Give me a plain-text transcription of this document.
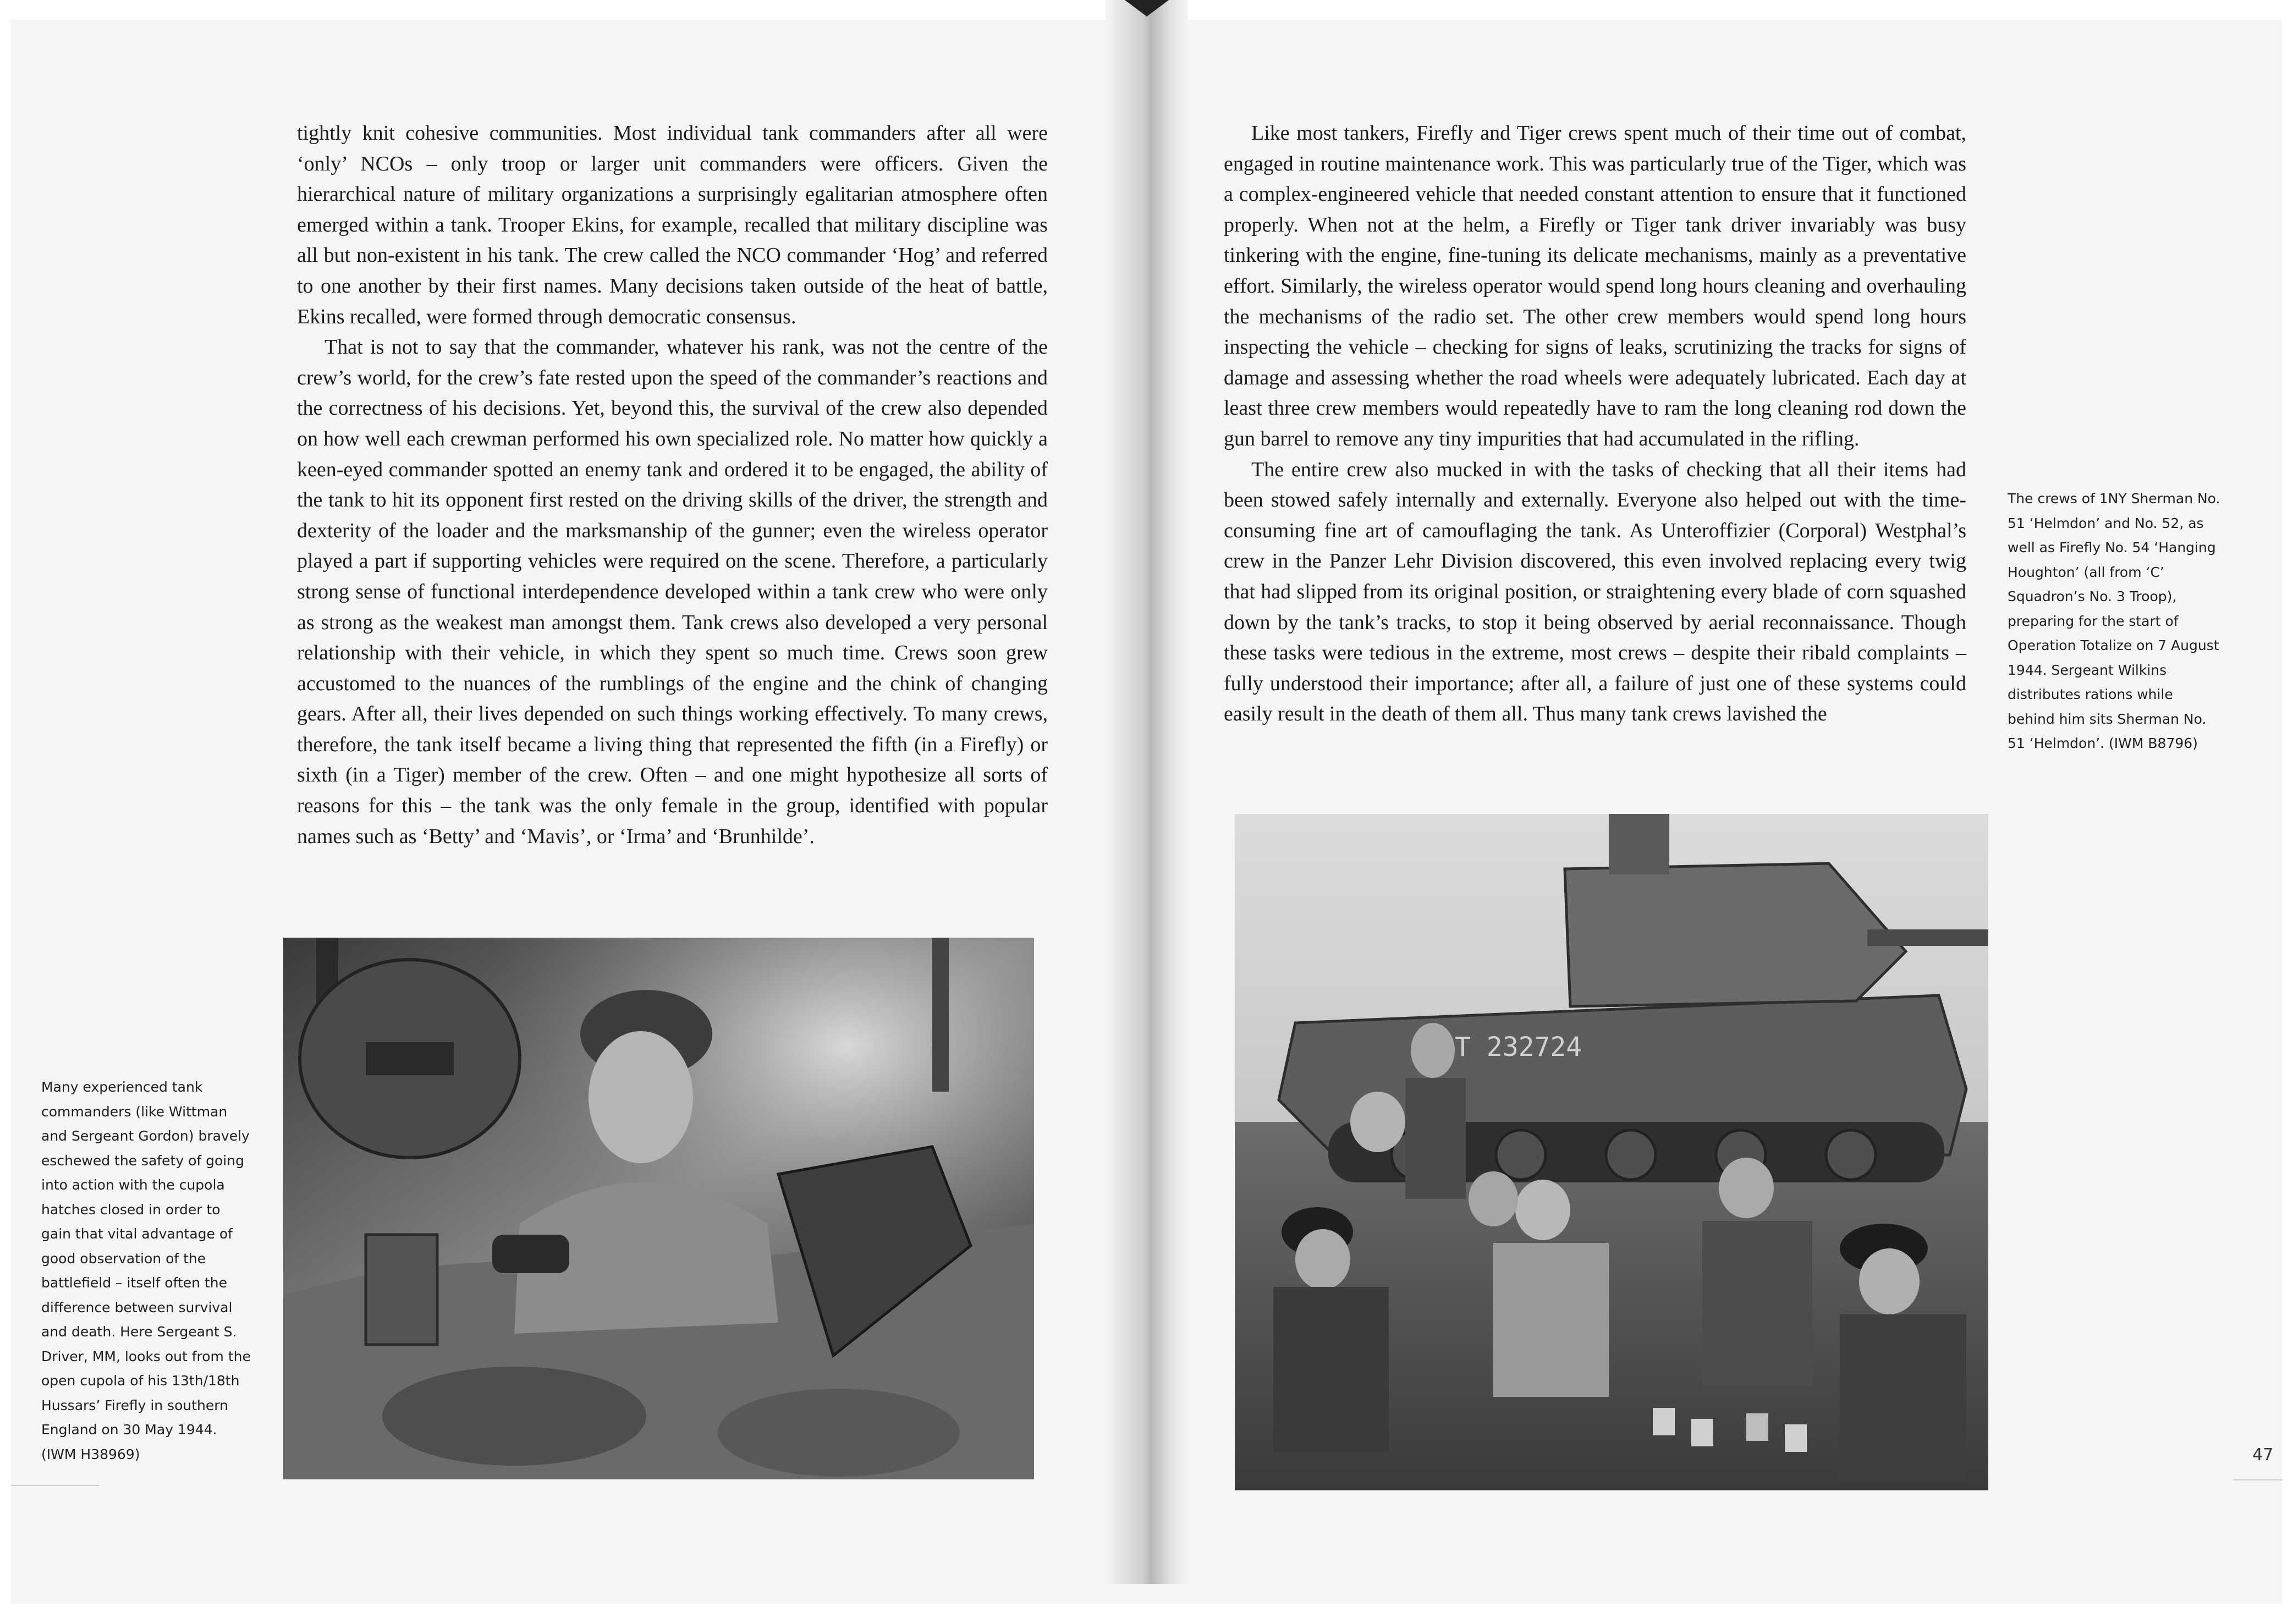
tightly knit cohesive communities. Most individual tank commanders after all were ‘only’ NCOs – only troop or larger unit commanders were officers. Given the hierarchical nature of military organizations a surprisingly egalitarian atmosphere often emerged within a tank. Trooper Ekins, for example, recalled that military discipline was all but non-existent in his tank. The crew called the NCO commander ‘Hog’ and referred to one another by their first names. Many decisions taken outside of the heat of battle, Ekins recalled, were formed through democratic consensus.

That is not to say that the commander, whatever his rank, was not the centre of the crew’s world, for the crew’s fate rested upon the speed of the commander’s reactions and the correctness of his decisions. Yet, beyond this, the survival of the crew also depended on how well each crewman performed his own specialized role. No matter how quickly a keen-eyed commander spotted an enemy tank and ordered it to be engaged, the ability of the tank to hit its opponent first rested on the driving skills of the driver, the strength and dexterity of the loader and the marksmanship of the gunner; even the wireless operator played a part if supporting vehicles were required on the scene. Therefore, a particularly strong sense of functional interdependence developed within a tank crew who were only as strong as the weakest man amongst them. Tank crews also developed a very personal relationship with their vehicle, in which they spent so much time. Crews soon grew accustomed to the nuances of the rumblings of the engine and the chink of changing gears. After all, their lives depended on such things working effectively. To many crews, therefore, the tank itself became a living thing that represented the fifth (in a Firefly) or sixth (in a Tiger) member of the crew. Often – and one might hypothesize all sorts of reasons for this – the tank was the only female in the group, identified with popular names such as ‘Betty’ and ‘Mavis’, or ‘Irma’ and ‘Brunhilde’.

Many experienced tank

commanders (like Wittman

and Sergeant Gordon) bravely

eschewed the safety of going

into action with the cupola

hatches closed in order to

gain that vital advantage of

good observation of the

battlefield – itself often the

difference between survival

and death. Here Sergeant S.

Driver, MM, looks out from the

open cupola of his 13th/18th

Hussars’ Firefly in southern

England on 30 May 1944.

(IWM H38969)

Like most tankers, Firefly and Tiger crews spent much of their time out of combat, engaged in routine maintenance work. This was particularly true of the Tiger, which was a complex-engineered vehicle that needed constant attention to ensure that it functioned properly. When not at the helm, a Firefly or Tiger tank driver invariably was busy tinkering with the engine, fine-tuning its delicate mechanisms, mainly as a preventative effort. Similarly, the wireless operator would spend long hours cleaning and overhauling the mechanisms of the radio set. The other crew members would spend long hours inspecting the vehicle – checking for signs of leaks, scrutinizing the tracks for signs of damage and assessing whether the road wheels were adequately lubricated. Each day at least three crew members would repeatedly have to ram the long cleaning rod down the gun barrel to remove any tiny impurities that had accumulated in the rifling.

The entire crew also mucked in with the tasks of checking that all their items had been stowed safely internally and externally. Everyone also helped out with the time-consuming fine art of camouflaging the tank. As Unteroffizier (Corporal) Westphal’s crew in the Panzer Lehr Division discovered, this even involved replacing every twig that had slipped from its original position, or straightening every blade of corn squashed down by the tank’s tracks, to stop it being observed by aerial reconnaissance. Though these tasks were tedious in the extreme, most crews – despite their ribald complaints – fully understood their importance; after all, a failure of just one of these systems could easily result in the death of them all. Thus many tank crews lavished the

The crews of 1NY Sherman No.

51 ‘Helmdon’ and No. 52, as

well as Firefly No. 54 ‘Hanging

Houghton’ (all from ‘C’

Squadron’s No. 3 Troop),

preparing for the start of

Operation Totalize on 7 August

1944. Sergeant Wilkins

distributes rations while

behind him sits Sherman No.

51 ‘Helmdon’. (IWM B8796)

T 232724
47
